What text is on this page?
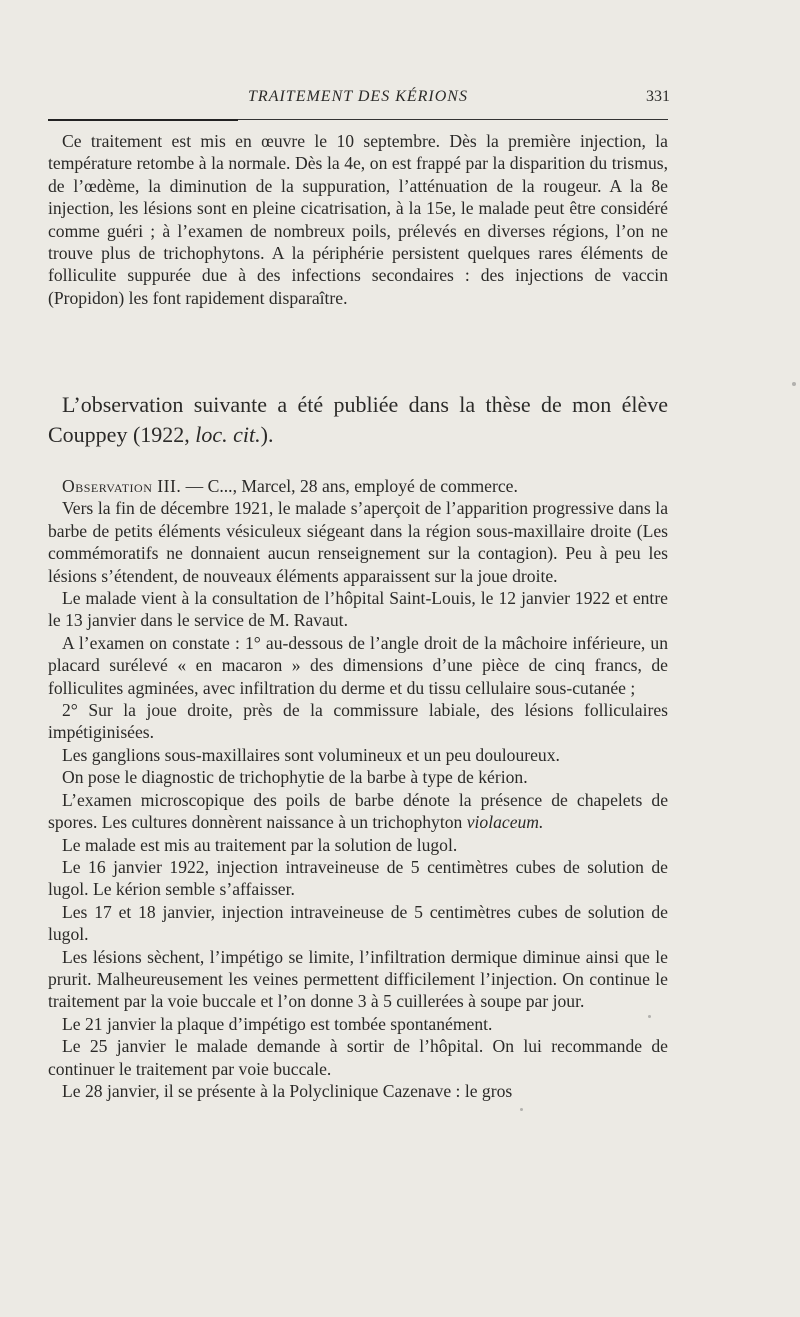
TRAITEMENT DES KÉRIONS	331

Ce traitement est mis en œuvre le 10 septembre. Dès la première injection, la température retombe à la normale. Dès la 4e, on est frappé par la disparition du trismus, de l’œdème, la diminution de la suppuration, l’atténuation de la rougeur. A la 8e injection, les lésions sont en pleine cicatrisation, à la 15e, le malade peut être considéré comme guéri ; à l’examen de nombreux poils, prélevés en diverses régions, l’on ne trouve plus de trichophytons. A la périphérie persistent quelques rares éléments de folliculite suppurée due à des infections secondaires : des injections de vaccin (Propidon) les font rapidement disparaître.

L’observation suivante a été publiée dans la thèse de mon élève Couppey (1922, loc. cit.).

Observation III. — C..., Marcel, 28 ans, employé de commerce.

Vers la fin de décembre 1921, le malade s’aperçoit de l’apparition progressive dans la barbe de petits éléments vésiculeux siégeant dans la région sous-maxillaire droite (Les commémoratifs ne donnaient aucun renseignement sur la contagion). Peu à peu les lésions s’étendent, de nouveaux éléments apparaissent sur la joue droite.

Le malade vient à la consultation de l’hôpital Saint-Louis, le 12 janvier 1922 et entre le 13 janvier dans le service de M. Ravaut.

A l’examen on constate : 1° au-dessous de l’angle droit de la mâchoire inférieure, un placard surélevé « en macaron » des dimensions d’une pièce de cinq francs, de folliculites agminées, avec infiltration du derme et du tissu cellulaire sous-cutanée ;

2° Sur la joue droite, près de la commissure labiale, des lésions folliculaires impétiginisées.

Les ganglions sous-maxillaires sont volumineux et un peu douloureux.

On pose le diagnostic de trichophytie de la barbe à type de kérion.

L’examen microscopique des poils de barbe dénote la présence de chapelets de spores. Les cultures donnèrent naissance à un trichophyton violaceum.

Le malade est mis au traitement par la solution de lugol.

Le 16 janvier 1922, injection intraveineuse de 5 centimètres cubes de solution de lugol. Le kérion semble s’affaisser.

Les 17 et 18 janvier, injection intraveineuse de 5 centimètres cubes de solution de lugol.

Les lésions sèchent, l’impétigo se limite, l’infiltration dermique diminue ainsi que le prurit. Malheureusement les veines permettent difficilement l’injection. On continue le traitement par la voie buccale et l’on donne 3 à 5 cuillerées à soupe par jour.

Le 21 janvier la plaque d’impétigo est tombée spontanément.

Le 25 janvier le malade demande à sortir de l’hôpital. On lui recommande de continuer le traitement par voie buccale.

Le 28 janvier, il se présente à la Polyclinique Cazenave : le gros
